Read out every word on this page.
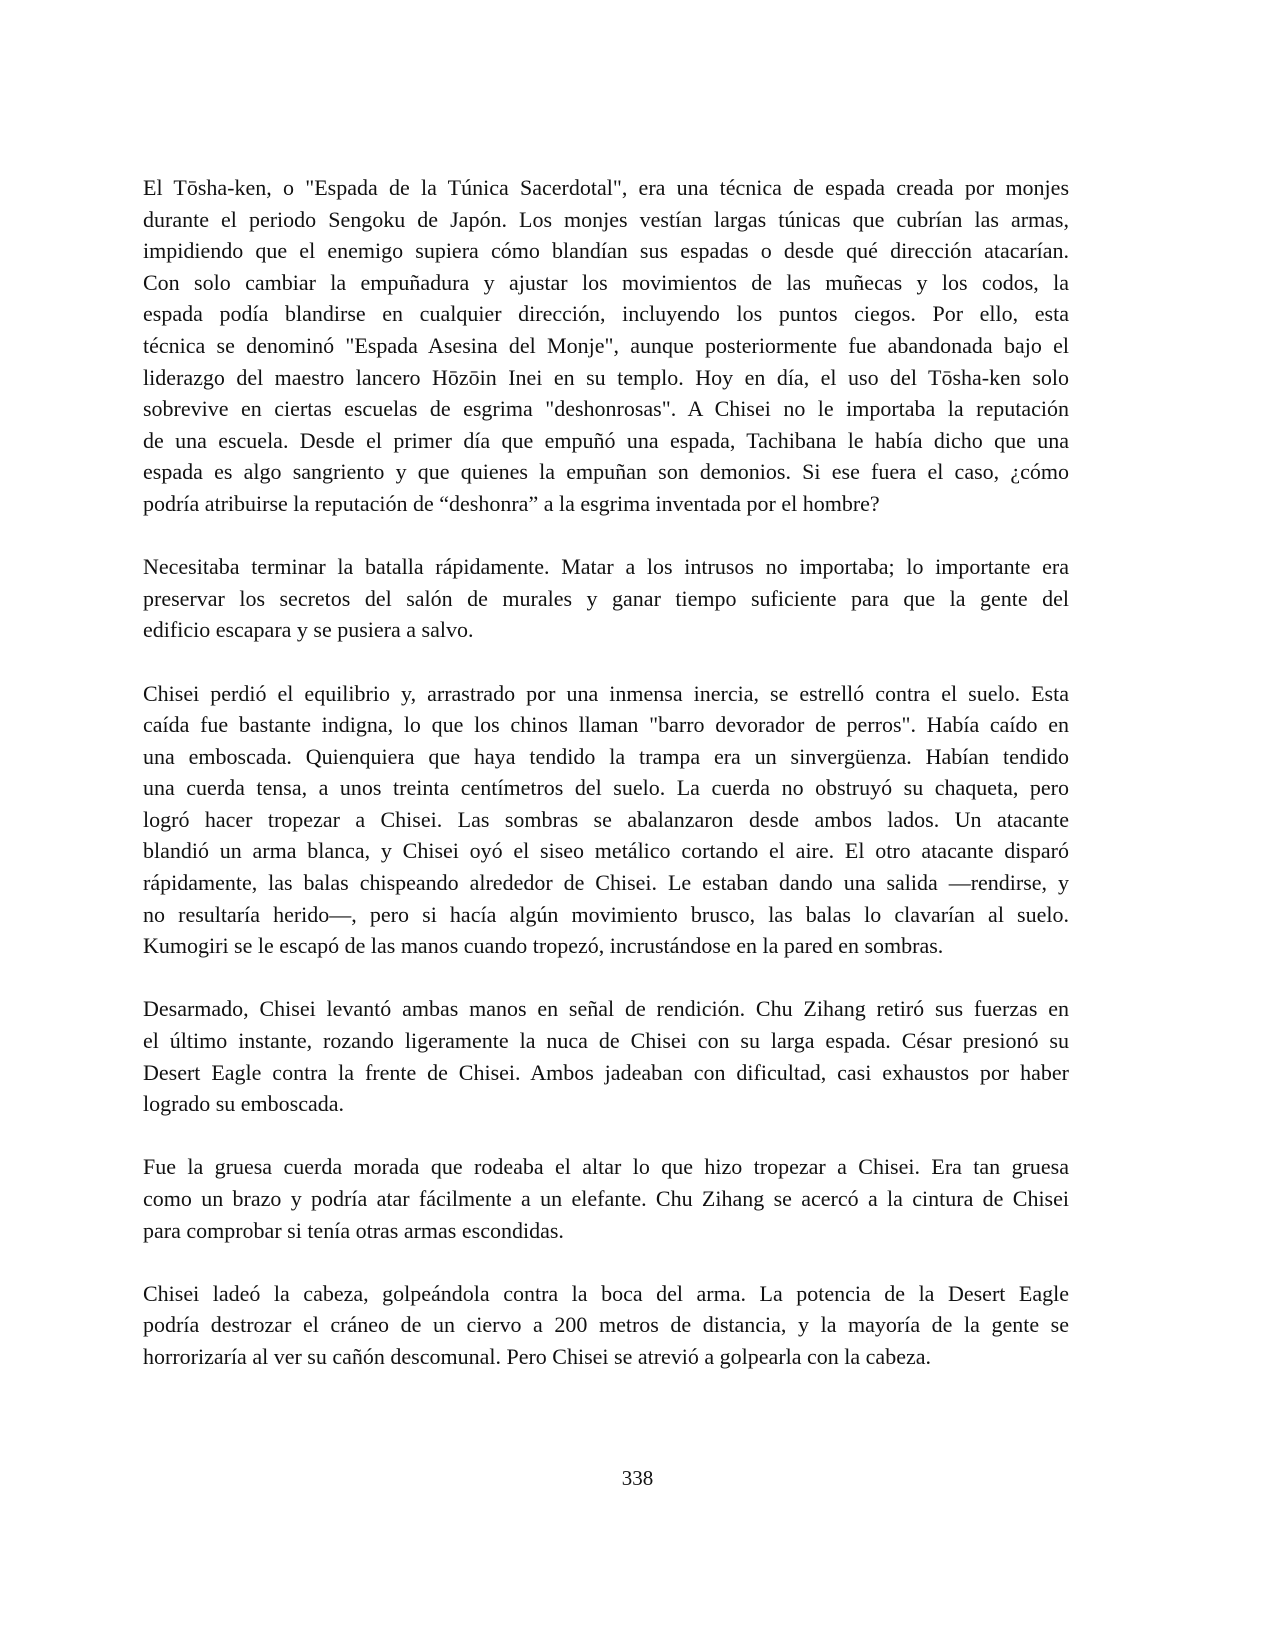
El Tōsha-ken, o "Espada de la Túnica Sacerdotal", era una técnica de espada creada por monjes
durante el periodo Sengoku de Japón. Los monjes vestían largas túnicas que cubrían las armas,
impidiendo que el enemigo supiera cómo blandían sus espadas o desde qué dirección atacarían.
Con solo cambiar la empuñadura y ajustar los movimientos de las muñecas y los codos, la
espada podía blandirse en cualquier dirección, incluyendo los puntos ciegos. Por ello, esta
técnica se denominó "Espada Asesina del Monje", aunque posteriormente fue abandonada bajo el
liderazgo del maestro lancero Hōzōin Inei en su templo. Hoy en día, el uso del Tōsha-ken solo
sobrevive en ciertas escuelas de esgrima "deshonrosas". A Chisei no le importaba la reputación
de una escuela. Desde el primer día que empuñó una espada, Tachibana le había dicho que una
espada es algo sangriento y que quienes la empuñan son demonios. Si ese fuera el caso, ¿cómo
podría atribuirse la reputación de “deshonra” a la esgrima inventada por el hombre?
Necesitaba terminar la batalla rápidamente. Matar a los intrusos no importaba; lo importante era
preservar los secretos del salón de murales y ganar tiempo suficiente para que la gente del
edificio escapara y se pusiera a salvo.
Chisei perdió el equilibrio y, arrastrado por una inmensa inercia, se estrelló contra el suelo. Esta
caída fue bastante indigna, lo que los chinos llaman "barro devorador de perros". Había caído en
una emboscada. Quienquiera que haya tendido la trampa era un sinvergüenza. Habían tendido
una cuerda tensa, a unos treinta centímetros del suelo. La cuerda no obstruyó su chaqueta, pero
logró hacer tropezar a Chisei. Las sombras se abalanzaron desde ambos lados. Un atacante
blandió un arma blanca, y Chisei oyó el siseo metálico cortando el aire. El otro atacante disparó
rápidamente, las balas chispeando alrededor de Chisei. Le estaban dando una salida —rendirse, y
no resultaría herido—, pero si hacía algún movimiento brusco, las balas lo clavarían al suelo.
Kumogiri se le escapó de las manos cuando tropezó, incrustándose en la pared en sombras.
Desarmado, Chisei levantó ambas manos en señal de rendición. Chu Zihang retiró sus fuerzas en
el último instante, rozando ligeramente la nuca de Chisei con su larga espada. César presionó su
Desert Eagle contra la frente de Chisei. Ambos jadeaban con dificultad, casi exhaustos por haber
logrado su emboscada.
Fue la gruesa cuerda morada que rodeaba el altar lo que hizo tropezar a Chisei. Era tan gruesa
como un brazo y podría atar fácilmente a un elefante. Chu Zihang se acercó a la cintura de Chisei
para comprobar si tenía otras armas escondidas.
Chisei ladeó la cabeza, golpeándola contra la boca del arma. La potencia de la Desert Eagle
podría destrozar el cráneo de un ciervo a 200 metros de distancia, y la mayoría de la gente se
horrorizaría al ver su cañón descomunal. Pero Chisei se atrevió a golpearla con la cabeza.
338
